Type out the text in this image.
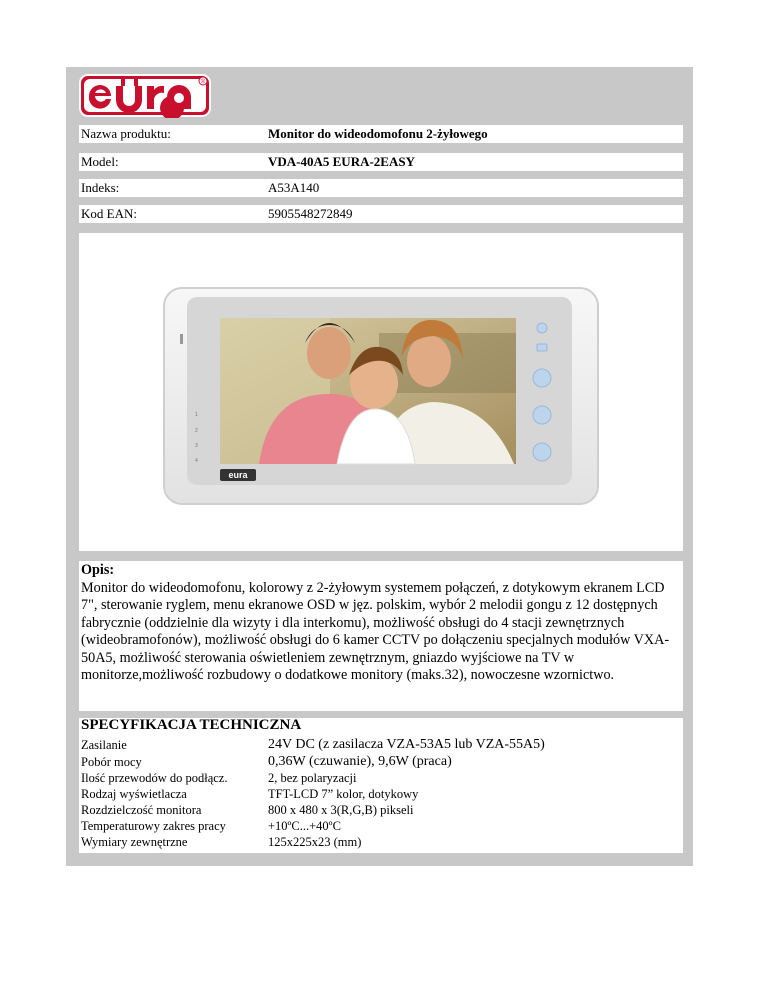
®
Nazwa produktu:	Monitor do wideodomofonu 2-żyłowego
Model:	VDA-40A5 EURA-2EASY
Indeks:	A53A140
Kod EAN:	5905548272849
1
2
3
4
eura
Opis:
Monitor do wideodomofonu, kolorowy z 2-żyłowym systemem połączeń, z dotykowym ekranem LCD 7", sterowanie ryglem, menu ekranowe OSD w jęz. polskim, wybór 2 melodii gongu z 12 dostępnych fabrycznie (oddzielnie dla wizyty i dla interkomu), możliwość obsługi do 4 stacji zewnętrznych (wideobramofonów), możliwość obsługi do 6 kamer CCTV po dołączeniu specjalnych modułów VXA-50A5, możliwość sterowania oświetleniem zewnętrznym, gniazdo wyjściowe na TV w monitorze,możliwość rozbudowy o dodatkowe monitory (maks.32), nowoczesne wzornictwo.
SPECYFIKACJA TECHNICZNA
Zasilanie	24V DC (z zasilacza VZA-53A5 lub VZA-55A5)
Pobór mocy	0,36W (czuwanie), 9,6W (praca)
Ilość przewodów do podłącz.	2, bez polaryzacji
Rodzaj wyświetlacza	TFT-LCD 7” kolor, dotykowy
Rozdzielczość monitora	800 x 480 x 3(R,G,B) pikseli
Temperaturowy zakres pracy	+10ºC...+40ºC
Wymiary zewnętrzne	125x225x23 (mm)
